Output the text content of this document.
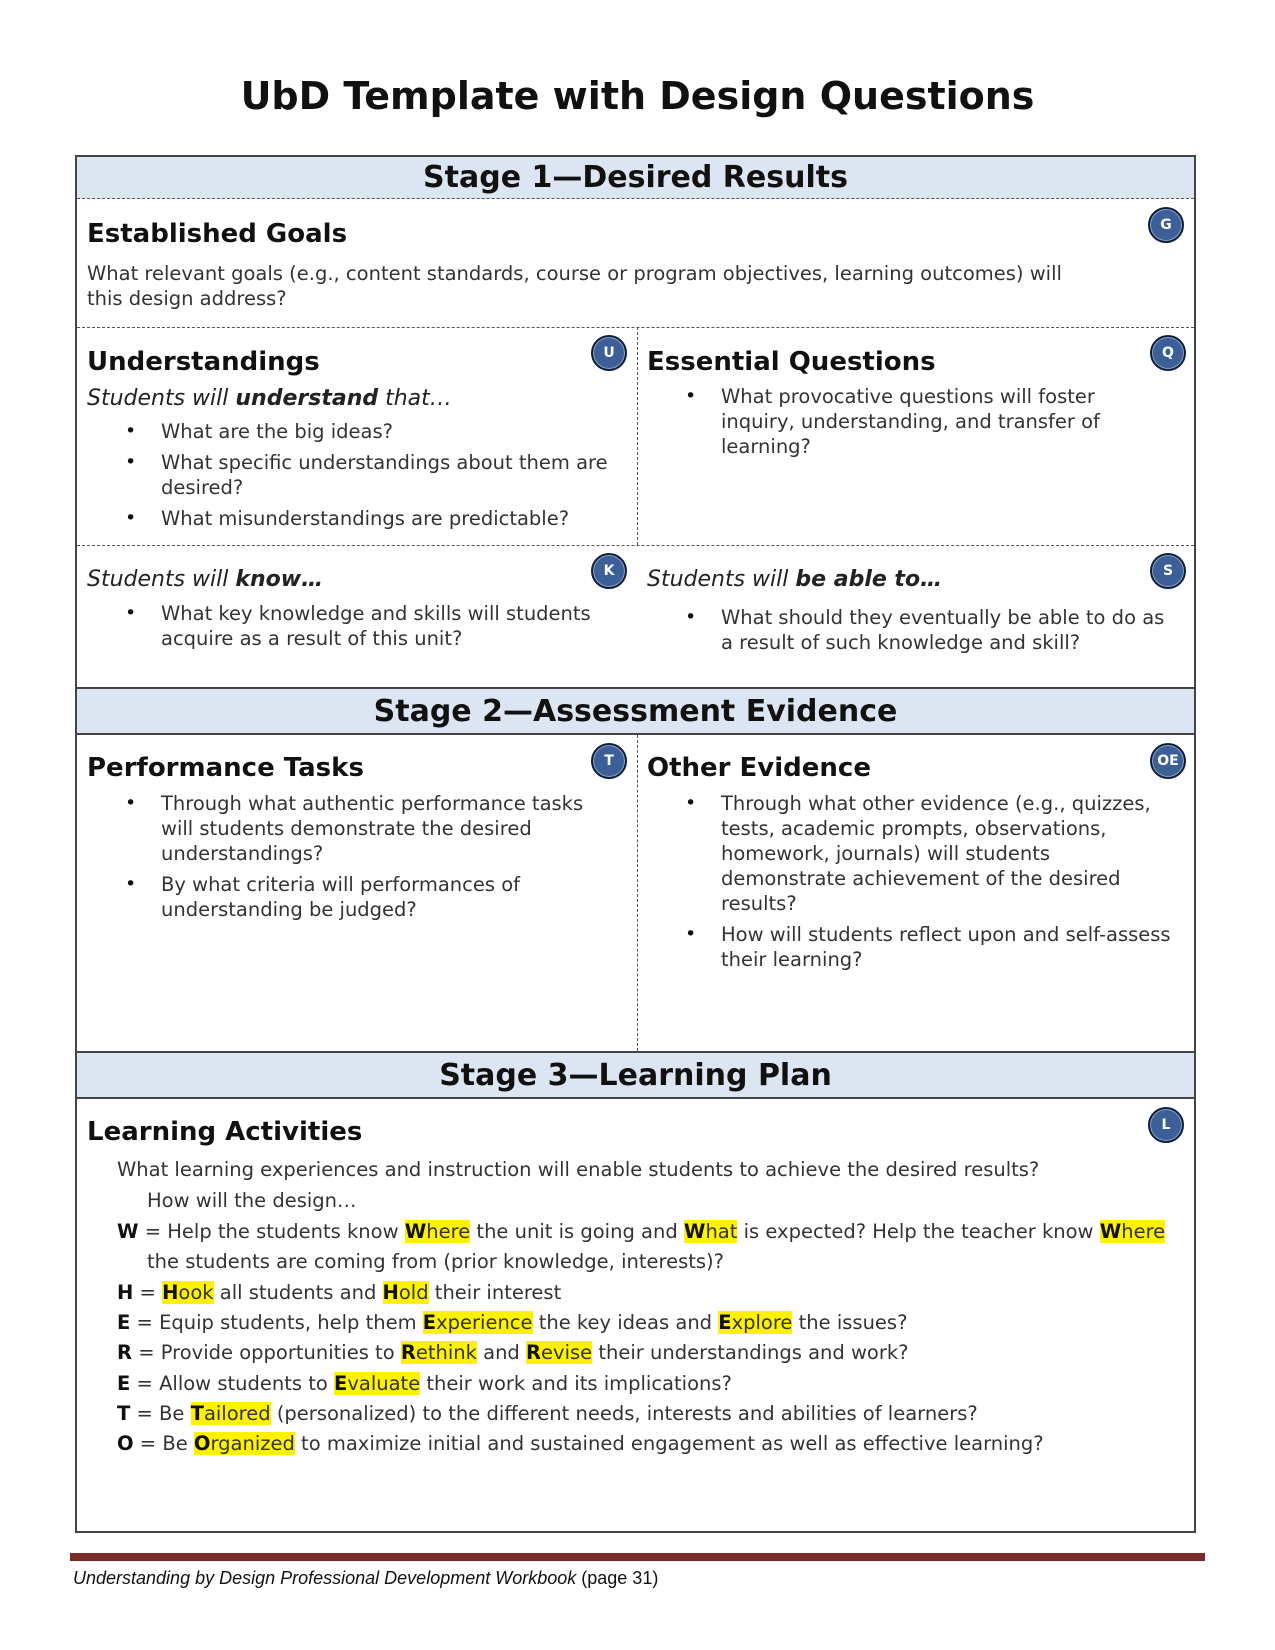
UbD Template with Design Questions
Stage 1—Desired Results
Established Goals	G
What relevant goals (e.g., content standards, course or program objectives, learning outcomes) will this design address?
Understandings	U
Students will understand that…
• What are the big ideas?
• What specific understandings about them are desired?
• What misunderstandings are predictable?
Essential Questions	Q
• What provocative questions will foster inquiry, understanding, and transfer of learning?
K
Students will know…
• What key knowledge and skills will students acquire as a result of this unit?
S
Students will be able to…
• What should they eventually be able to do as a result of such knowledge and skill?
Stage 2—Assessment Evidence
Performance Tasks	T
• Through what authentic performance tasks will students demonstrate the desired understandings?
• By what criteria will performances of understanding be judged?
Other Evidence	OE
• Through what other evidence (e.g., quizzes, tests, academic prompts, observations, homework, journals) will students demonstrate achievement of the desired results?
• How will students reflect upon and self-assess their learning?
Stage 3—Learning Plan
Learning Activities	L
What learning experiences and instruction will enable students to achieve the desired results?
How will the design…
W = Help the students know Where the unit is going and What is expected? Help the teacher know Where
the students are coming from (prior knowledge, interests)?
H = Hook all students and Hold their interest
E = Equip students, help them Experience the key ideas and Explore the issues?
R = Provide opportunities to Rethink and Revise their understandings and work?
E = Allow students to Evaluate their work and its implications?
T = Be Tailored (personalized) to the different needs, interests and abilities of learners?
O = Be Organized to maximize initial and sustained engagement as well as effective learning?
Understanding by Design Professional Development Workbook (page 31)
